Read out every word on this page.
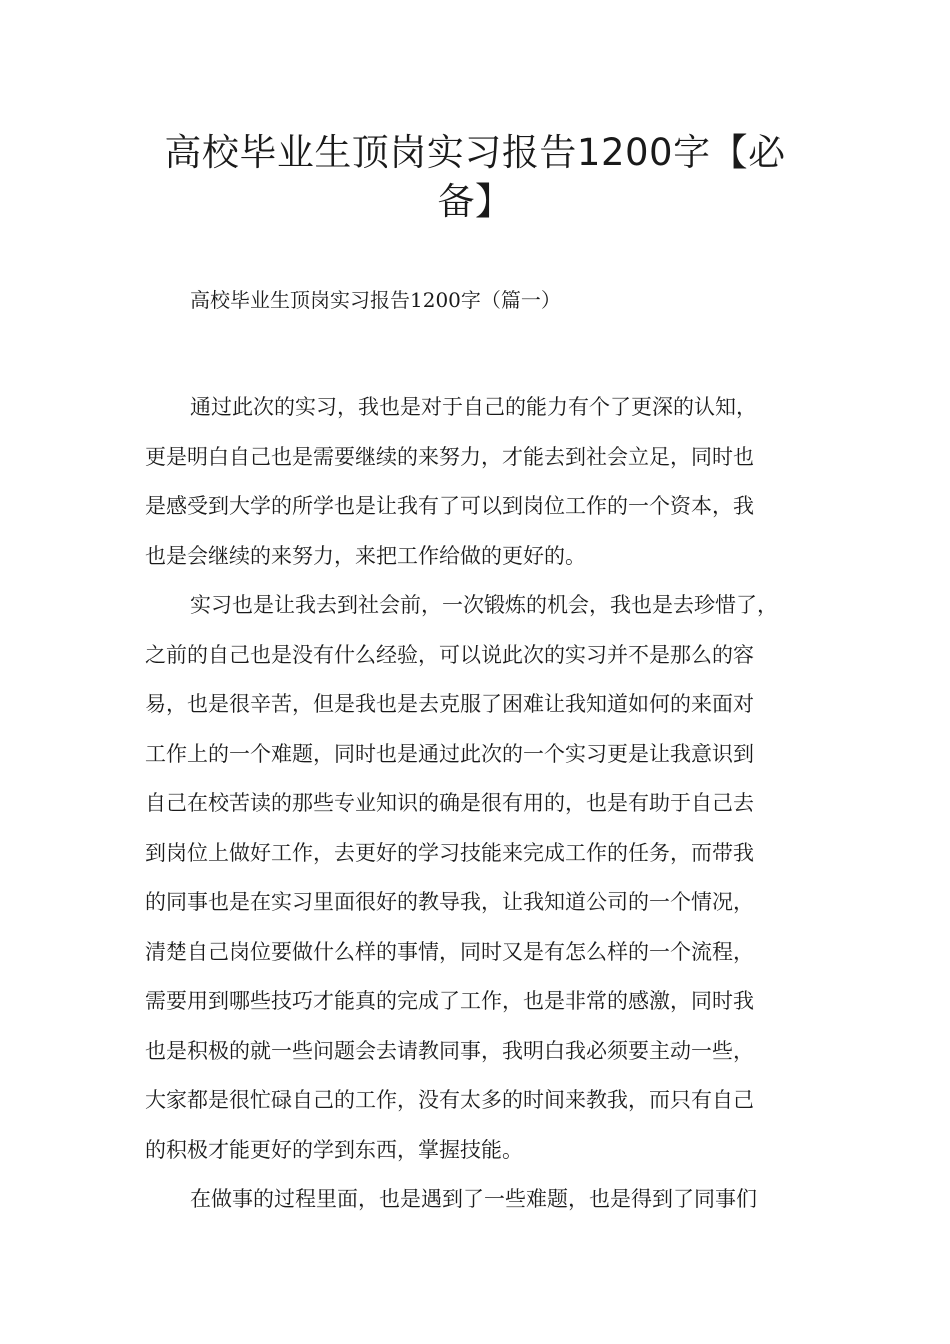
高校毕业生顶岗实习报告1200字【必
备】

高校毕业生顶岗实习报告1200字（篇一）

通过此次的实习，我也是对于自己的能力有个了更深的认知，
更是明白自己也是需要继续的来努力，才能去到社会立足，同时也
是感受到大学的所学也是让我有了可以到岗位工作的一个资本，我
也是会继续的来努力，来把工作给做的更好的。
实习也是让我去到社会前，一次锻炼的机会，我也是去珍惜了，
之前的自己也是没有什么经验，可以说此次的实习并不是那么的容
易，也是很辛苦，但是我也是去克服了困难让我知道如何的来面对
工作上的一个难题，同时也是通过此次的一个实习更是让我意识到
自己在校苦读的那些专业知识的确是很有用的，也是有助于自己去
到岗位上做好工作，去更好的学习技能来完成工作的任务，而带我
的同事也是在实习里面很好的教导我，让我知道公司的一个情况，
清楚自己岗位要做什么样的事情，同时又是有怎么样的一个流程，
需要用到哪些技巧才能真的完成了工作，也是非常的感激，同时我
也是积极的就一些问题会去请教同事，我明白我必须要主动一些，
大家都是很忙碌自己的工作，没有太多的时间来教我，而只有自己
的积极才能更好的学到东西，掌握技能。
在做事的过程里面，也是遇到了一些难题，也是得到了同事们
